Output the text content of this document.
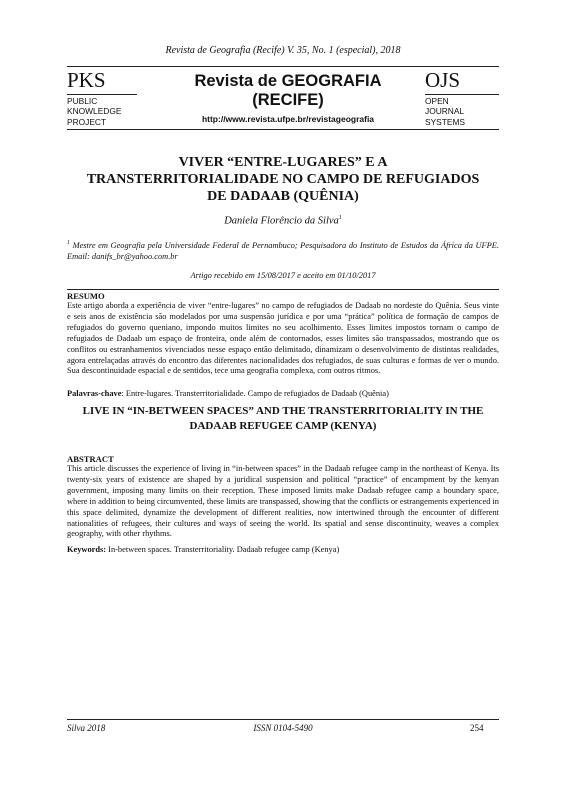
Revista de Geografia (Recife) V. 35, No. 1 (especial), 2018
PKS
PUBLIC
KNOWLEDGE
PROJECT
Revista de GEOGRAFIA
(RECIFE)
http://www.revista.ufpe.br/revistageografia
OJS
OPEN
JOURNAL
SYSTEMS
VIVER “ENTRE-LUGARES” E A
TRANSTERRITORIALIDADE NO CAMPO DE REFUGIADOS
DE DADAAB (QUÊNIA)
Daniela Florêncio da Silva$^1$
$^1$ Mestre em Geografia pela Universidade Federal de Pernambuco; Pesquisadora do Instituto de Estudos da África da UFPE. Email: danifs_br@yahoo.com.br
Artigo recebido em 15/08/2017 e aceito em 01/10/2017
RESUMO
Este artigo aborda a experiência de viver “entre-lugares” no campo de refugiados de Dadaab no nordeste do Quênia. Seus vinte e seis anos de existência são modelados por uma suspensão jurídica e por uma “prática” política de formação de campos de refugiados do governo queniano, impondo muitos limites no seu acolhimento. Esses limites impostos tornam o campo de refugiados de Dadaab um espaço de fronteira, onde além de contornados, esses limites são transpassados, mostrando que os conflitos ou estranhamentos vivenciados nesse espaço então delimitado, dinamizam o desenvolvimento de distintas realidades, agora entrelaçadas através do encontro das diferentes nacionalidades dos refugiados, de suas culturas e formas de ver o mundo. Sua descontinuidade espacial e de sentidos, tece uma geografia complexa, com outros ritmos.
Palavras-chave: Entre-lugares. Transterritorialidade. Campo de refugiados de Dadaab (Quênia)
LIVE IN “IN-BETWEEN SPACES” AND THE TRANSTERRITORIALITY IN THE
DADAAB REFUGEE CAMP (KENYA)
ABSTRACT
This article discusses the experience of living in “in-between spaces” in the Dadaab refugee camp in the northeast of Kenya. Its twenty-six years of existence are shaped by a juridical suspension and political “practice” of encampment by the kenyan government, imposing many limits on their reception. These imposed limits make Dadaab refugee camp a boundary space, where in addition to being circumvented, these limits are transpassed, showing that the conflicts or estrangements experienced in this space delimited, dynamize the development of different realities, now intertwined through the encounter of different nationalities of refugees, their cultures and ways of seeing the world. Its spatial and sense discontinuity, weaves a complex geography, with other rhythms.
Keywords: In-between spaces. Transterritoriality. Dadaab refugee camp (Kenya)
Silva 2018	ISSN 0104-5490	254
